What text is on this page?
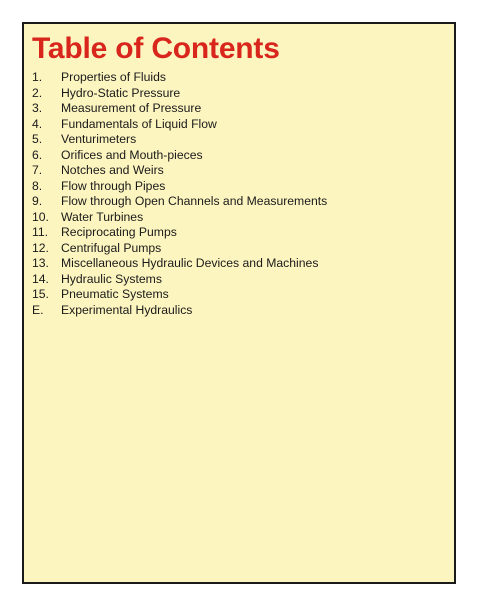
Table of Contents
1.	Properties of Fluids
2.	Hydro-Static Pressure
3.	Measurement of Pressure
4.	Fundamentals of Liquid Flow
5.	Venturimeters
6.	Orifices and Mouth-pieces
7.	Notches and Weirs
8.	Flow through Pipes
9.	Flow through Open Channels and Measurements
10. Water Turbines
11.	Reciprocating Pumps
12. Centrifugal Pumps
13. Miscellaneous Hydraulic Devices and Machines
14. Hydraulic Systems
15. Pneumatic Systems
E.	Experimental Hydraulics
